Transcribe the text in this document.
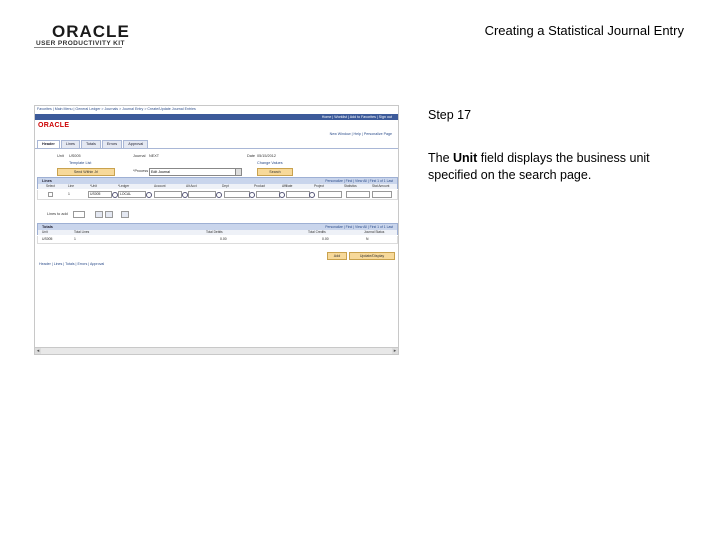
ORACLE
USER PRODUCTIVITY KIT
Creating a Statistical Journal Entry
Step 17
The Unit field displays the business unit specified on the search page.
Favorites | Main Menu | General Ledger > Journals > Journal Entry > Create/Update Journal Entries
Home | Worklist | Add to Favorites | Sign out
ORACLE
New Window | Help | Personalize Page
Header	Lines	Totals	Errors	Approval
Unit US005	Journal NEXT	Date 05/15/2012
Template List	Change Values
Send Within Jrl	*Process Edit Journal	Search
Lines	Personalize | Find | View All | First 1 of 1 Last
Select	Line	*Unit	*Ledger	Account	Alt Acct	Dept	Product	Affiliate	Project	Statistics	Stat Amount
1	US005	LOCAL
Lines to add
Totals	Personalize | Find | View All | First 1 of 1 Last
Unit	Total Lines	Total Debits	Total Credits	Journal Status
US005	1	0.00	0.00	N
Add	Update/Display
Header | Lines | Totals | Errors | Approval
◂	▸
